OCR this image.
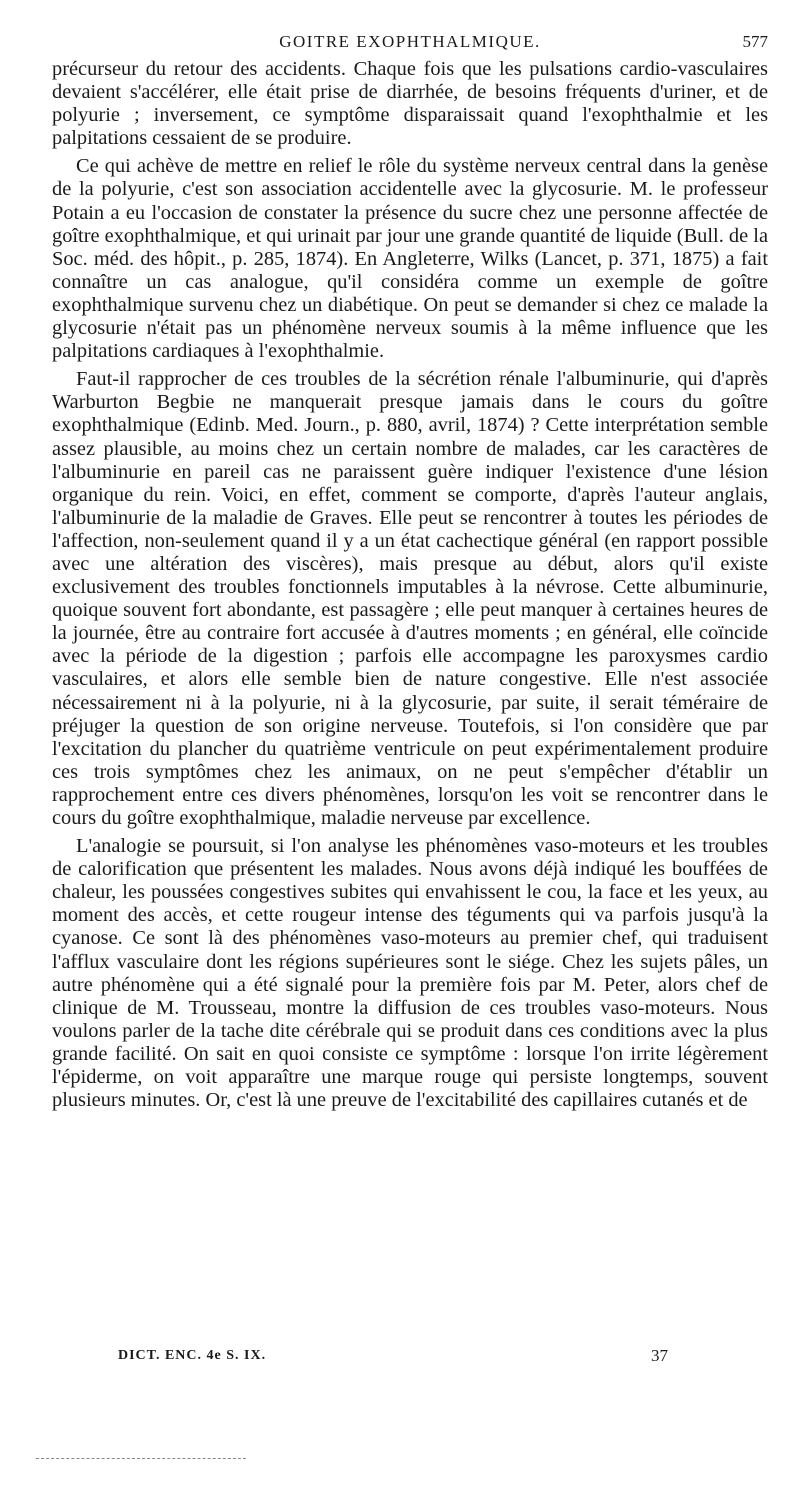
GOITRE EXOPHTHALMIQUE.	577

précurseur du retour des accidents. Chaque fois que les pulsations cardio-vasculaires devaient s'accélérer, elle était prise de diarrhée, de besoins fréquents d'uriner, et de polyurie ; inversement, ce symptôme disparaissait quand l'exophthalmie et les palpitations cessaient de se produire.

Ce qui achève de mettre en relief le rôle du système nerveux central dans la genèse de la polyurie, c'est son association accidentelle avec la glycosurie. M. le professeur Potain a eu l'occasion de constater la présence du sucre chez une personne affectée de goître exophthalmique, et qui urinait par jour une grande quantité de liquide (Bull. de la Soc. méd. des hôpit., p. 285, 1874). En Angleterre, Wilks (Lancet, p. 371, 1875) a fait connaître un cas analogue, qu'il considéra comme un exemple de goître exophthalmique survenu chez un diabétique. On peut se demander si chez ce malade la glycosurie n'était pas un phénomène nerveux soumis à la même influence que les palpitations cardiaques à l'exophthalmie.

Faut-il rapprocher de ces troubles de la sécrétion rénale l'albuminurie, qui d'après Warburton Begbie ne manquerait presque jamais dans le cours du goître exophthalmique (Edinb. Med. Journ., p. 880, avril, 1874) ? Cette interprétation semble assez plausible, au moins chez un certain nombre de malades, car les caractères de l'albuminurie en pareil cas ne paraissent guère indiquer l'existence d'une lésion organique du rein. Voici, en effet, comment se comporte, d'après l'auteur anglais, l'albuminurie de la maladie de Graves. Elle peut se rencontrer à toutes les périodes de l'affection, non-seulement quand il y a un état cachectique général (en rapport possible avec une altération des viscères), mais presque au début, alors qu'il existe exclusivement des troubles fonctionnels imputables à la névrose. Cette albuminurie, quoique souvent fort abondante, est passagère ; elle peut manquer à certaines heures de la journée, être au contraire fort accusée à d'autres moments ; en général, elle coïncide avec la période de la digestion ; parfois elle accompagne les paroxysmes cardio vasculaires, et alors elle semble bien de nature congestive. Elle n'est associée nécessairement ni à la polyurie, ni à la glycosurie, par suite, il serait téméraire de préjuger la question de son origine nerveuse. Toutefois, si l'on considère que par l'excitation du plancher du quatrième ventricule on peut expérimentalement produire ces trois symptômes chez les animaux, on ne peut s'empêcher d'établir un rapprochement entre ces divers phénomènes, lorsqu'on les voit se rencontrer dans le cours du goître exophthalmique, maladie nerveuse par excellence.

L'analogie se poursuit, si l'on analyse les phénomènes vaso-moteurs et les troubles de calorification que présentent les malades. Nous avons déjà indiqué les bouffées de chaleur, les poussées congestives subites qui envahissent le cou, la face et les yeux, au moment des accès, et cette rougeur intense des téguments qui va parfois jusqu'à la cyanose. Ce sont là des phénomènes vaso-moteurs au premier chef, qui traduisent l'afflux vasculaire dont les régions supérieures sont le siége. Chez les sujets pâles, un autre phénomène qui a été signalé pour la première fois par M. Peter, alors chef de clinique de M. Trousseau, montre la diffusion de ces troubles vaso-moteurs. Nous voulons parler de la tache dite cérébrale qui se produit dans ces conditions avec la plus grande facilité. On sait en quoi consiste ce symptôme : lorsque l'on irrite légèrement l'épiderme, on voit apparaître une marque rouge qui persiste longtemps, souvent plusieurs minutes. Or, c'est là une preuve de l'excitabilité des capillaires cutanés et de

DICT. ENC. 4e S. IX.	37
